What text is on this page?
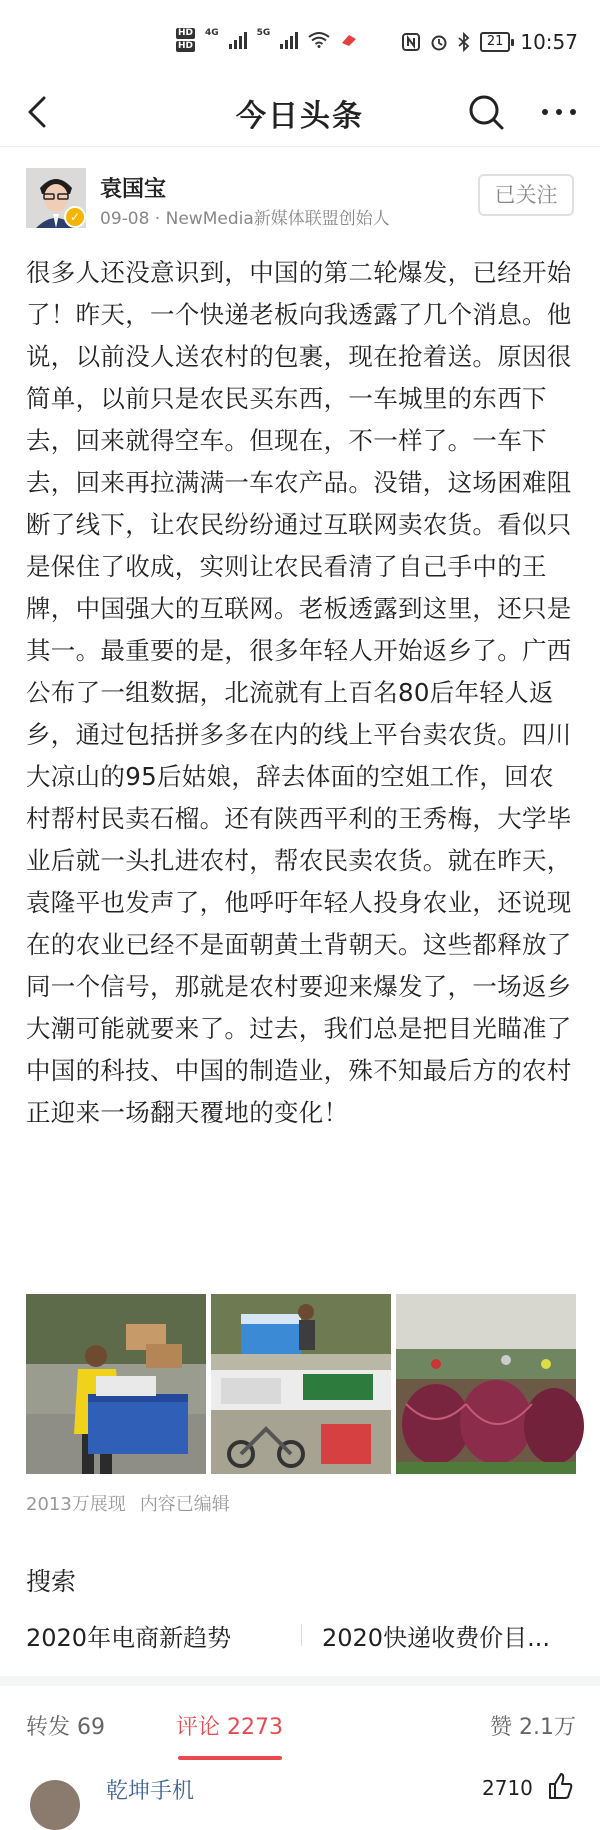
HD
HD
4G	5G
21 10:57
今日头条
✓
袁国宝
09-08 · NewMedia新媒体联盟创始人
已关注
很多人还没意识到，中国的第二轮爆发，已经开始了！昨天，一个快递老板向我透露了几个消息。他说，以前没人送农村的包裹，现在抢着送。原因很简单，以前只是农民买东西，一车城里的东西下去，回来就得空车。但现在，不一样了。一车下去，回来再拉满满一车农产品。没错，这场困难阻断了线下，让农民纷纷通过互联网卖农货。看似只是保住了收成，实则让农民看清了自己手中的王牌，中国强大的互联网。老板透露到这里，还只是其一。最重要的是，很多年轻人开始返乡了。广西公布了一组数据，北流就有上百名80后年轻人返乡，通过包括拼多多在内的线上平台卖农货。四川大凉山的95后姑娘，辞去体面的空姐工作，回农村帮村民卖石榴。还有陕西平利的王秀梅，大学毕业后就一头扎进农村，帮农民卖农货。就在昨天，袁隆平也发声了，他呼吁年轻人投身农业，还说现在的农业已经不是面朝黄土背朝天。这些都释放了同一个信号，那就是农村要迎来爆发了，一场返乡大潮可能就要来了。过去，我们总是把目光瞄准了中国的科技、中国的制造业，殊不知最后方的农村正迎来一场翻天覆地的变化！
2013万展现 内容已编辑
搜索
2020年电商新趋势	2020快递收费价目...
转发 69	评论 2273	赞 2.1万
乾坤手机	2710
